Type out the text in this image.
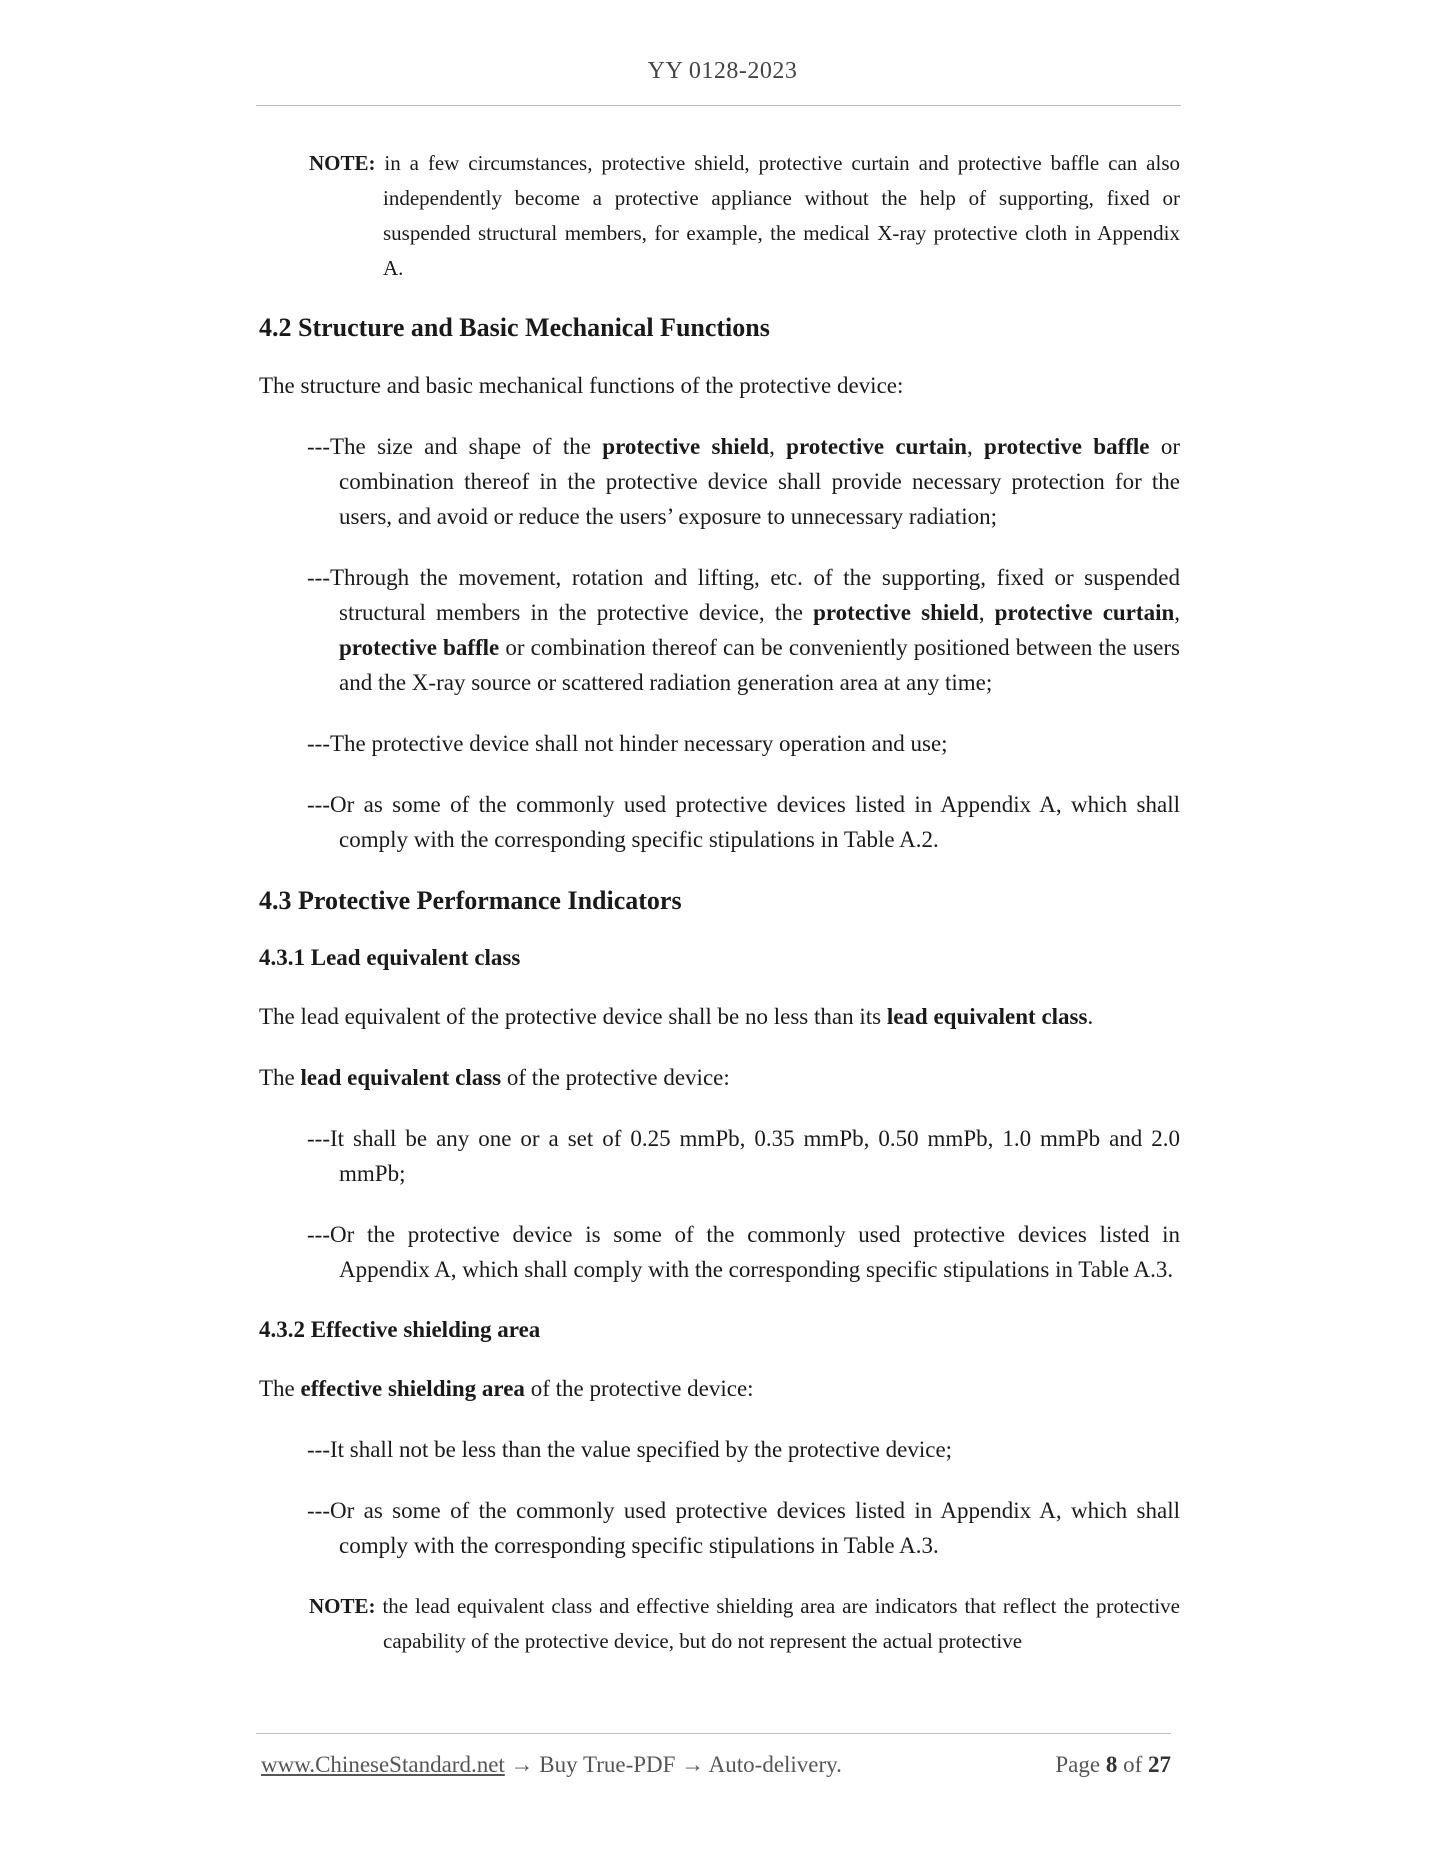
YY 0128-2023
NOTE: in a few circumstances, protective shield, protective curtain and protective baffle can also independently become a protective appliance without the help of supporting, fixed or suspended structural members, for example, the medical X-ray protective cloth in Appendix A.
4.2 Structure and Basic Mechanical Functions

The structure and basic mechanical functions of the protective device:

---The size and shape of the protective shield, protective curtain, protective baffle or combination thereof in the protective device shall provide necessary protection for the users, and avoid or reduce the users’ exposure to unnecessary radiation;
---Through the movement, rotation and lifting, etc. of the supporting, fixed or suspended structural members in the protective device, the protective shield, protective curtain, protective baffle or combination thereof can be conveniently positioned between the users and the X-ray source or scattered radiation generation area at any time;
---The protective device shall not hinder necessary operation and use;
---Or as some of the commonly used protective devices listed in Appendix A, which shall comply with the corresponding specific stipulations in Table A.2.
4.3 Protective Performance Indicators
4.3.1 Lead equivalent class

The lead equivalent of the protective device shall be no less than its lead equivalent class.

The lead equivalent class of the protective device:

---It shall be any one or a set of 0.25 mmPb, 0.35 mmPb, 0.50 mmPb, 1.0 mmPb and 2.0 mmPb;
---Or the protective device is some of the commonly used protective devices listed in Appendix A, which shall comply with the corresponding specific stipulations in Table A.3.
4.3.2 Effective shielding area

The effective shielding area of the protective device:

---It shall not be less than the value specified by the protective device;
---Or as some of the commonly used protective devices listed in Appendix A, which shall comply with the corresponding specific stipulations in Table A.3.
NOTE: the lead equivalent class and effective shielding area are indicators that reflect the protective capability of the protective device, but do not represent the actual protective
www.ChineseStandard.net → Buy True-PDF → Auto-delivery.	Page 8 of 27
